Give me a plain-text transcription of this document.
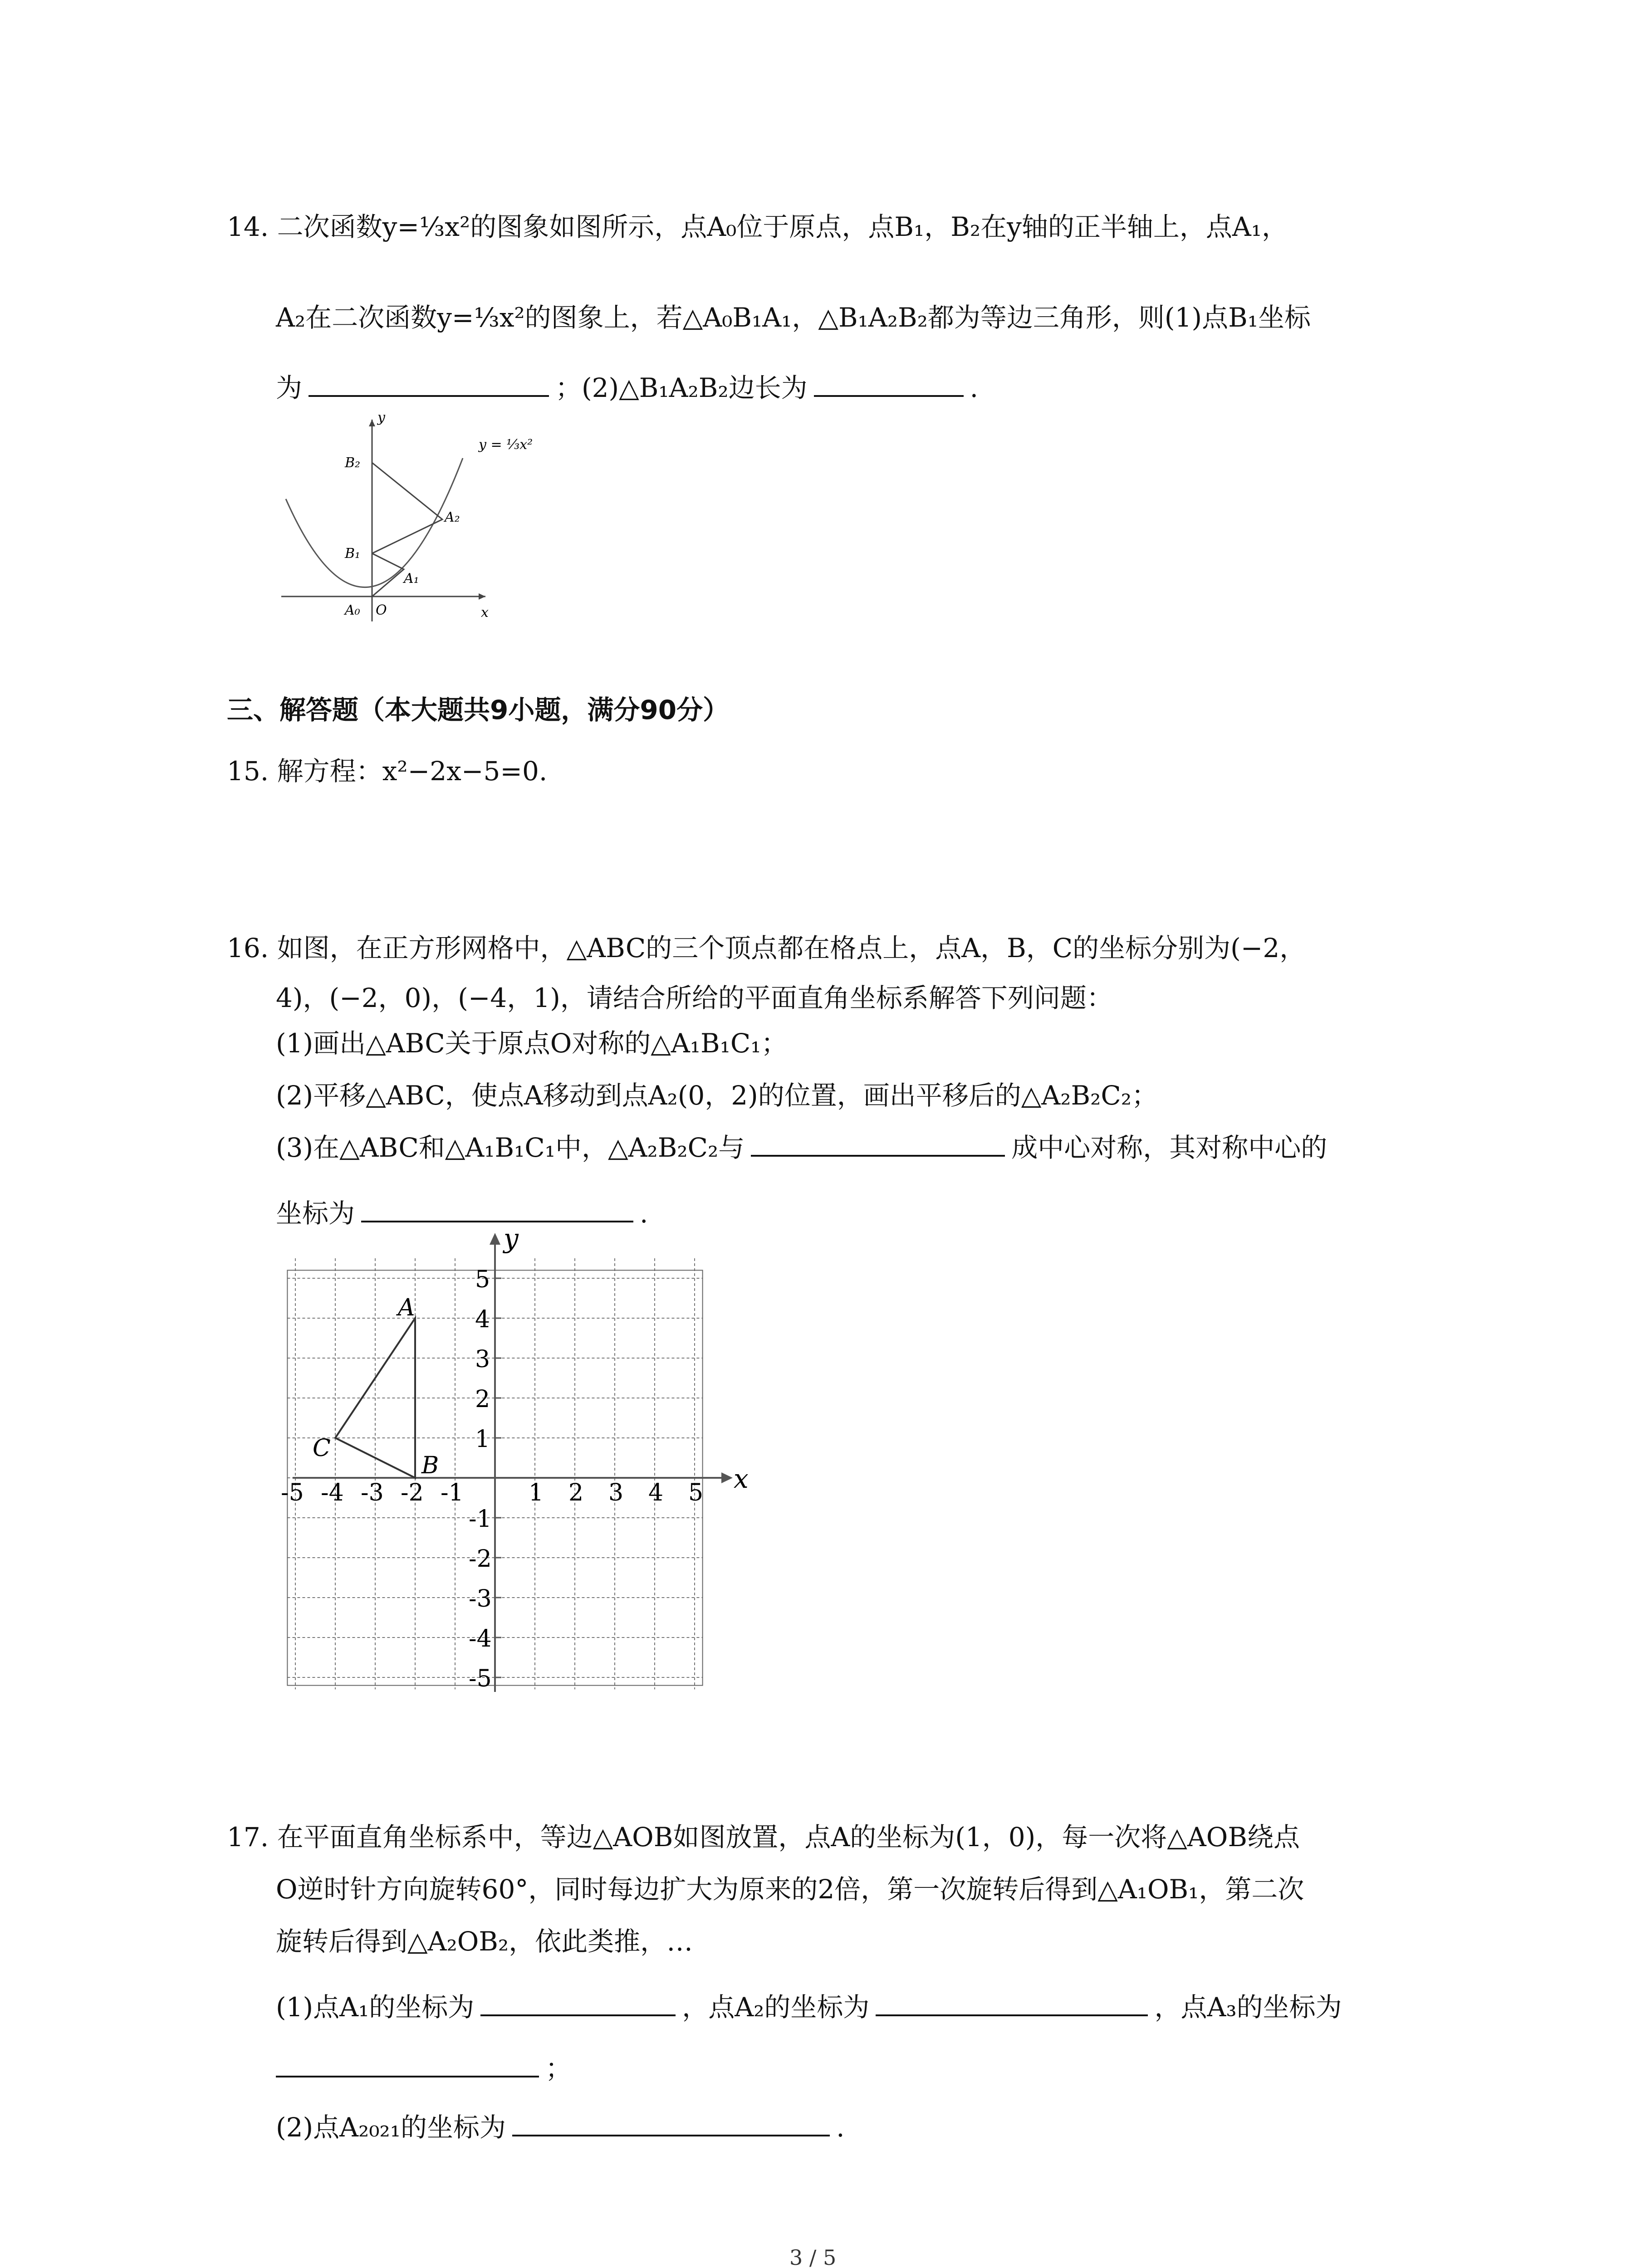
14. 二次函数y=⅓x²的图象如图所示，点A₀位于原点，点B₁，B₂在y轴的正半轴上，点A₁，
A₂在二次函数y=⅓x²的图象上，若△A₀B₁A₁，△B₁A₂B₂都为等边三角形，则(1)点B₁坐标
为	；(2)△B₁A₂B₂边长为	.
y
x
B₂
B₁
A₂
A₁
A₀ O
y = ⅓x²
三、解答题（本大题共9小题，满分90分）
15. 解方程：x²−2x−5=0.
16. 如图，在正方形网格中，△ABC的三个顶点都在格点上，点A，B，C的坐标分别为(−2，
4)，(−2，0)，(−4，1)，请结合所给的平面直角坐标系解答下列问题：
(1)画出△ABC关于原点O对称的△A₁B₁C₁；
(2)平移△ABC，使点A移动到点A₂(0，2)的位置，画出平移后的△A₂B₂C₂；
(3)在△ABC和△A₁B₁C₁中，△A₂B₂C₂与	成中心对称，其对称中心的
坐标为	.
-5 -4 -3 -2 -1	1 2 3 4 5
5
4
3
2
1
-1
-2
-3
-4
-5
A
B
C
y
x
17. 在平面直角坐标系中，等边△AOB如图放置，点A的坐标为(1，0)，每一次将△AOB绕点
O逆时针方向旋转60°，同时每边扩大为原来的2倍，第一次旋转后得到△A₁OB₁，第二次
旋转后得到△A₂OB₂，依此类推，…
(1)点A₁的坐标为	，点A₂的坐标为	，点A₃的坐标为
；
(2)点A₂₀₂₁的坐标为	.
3 / 5
